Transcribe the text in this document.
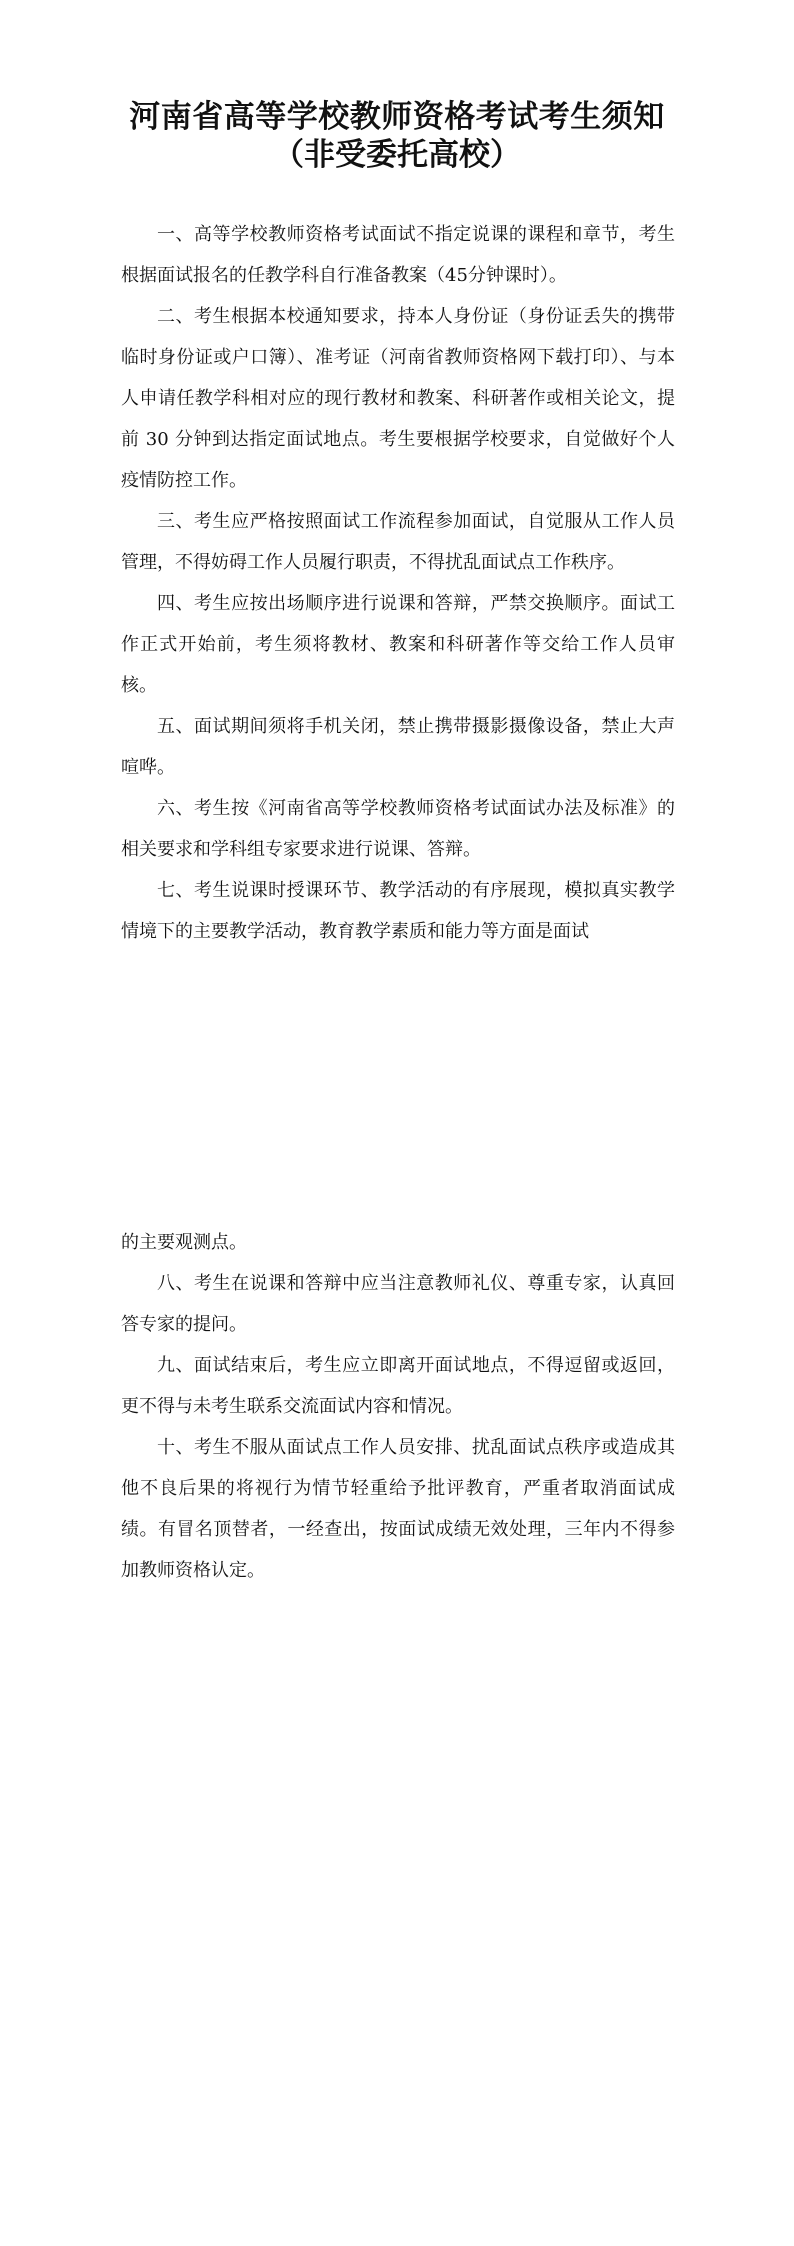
河南省高等学校教师资格考试考生须知
（非受委托高校）

一、高等学校教师资格考试面试不指定说课的课程和章节，考生根据面试报名的任教学科自行准备教案（45分钟课时）。

二、考生根据本校通知要求，持本人身份证（身份证丢失的携带临时身份证或户口簿）、准考证（河南省教师资格网下载打印）、与本人申请任教学科相对应的现行教材和教案、科研著作或相关论文，提前 30 分钟到达指定面试地点。考生要根据学校要求，自觉做好个人疫情防控工作。

三、考生应严格按照面试工作流程参加面试，自觉服从工作人员管理，不得妨碍工作人员履行职责，不得扰乱面试点工作秩序。

四、考生应按出场顺序进行说课和答辩，严禁交换顺序。面试工作正式开始前，考生须将教材、教案和科研著作等交给工作人员审核。

五、面试期间须将手机关闭，禁止携带摄影摄像设备，禁止大声喧哗。

六、考生按《河南省高等学校教师资格考试面试办法及标准》的相关要求和学科组专家要求进行说课、答辩。

七、考生说课时授课环节、教学活动的有序展现，模拟真实教学情境下的主要教学活动，教育教学素质和能力等方面是面试

的主要观测点。

八、考生在说课和答辩中应当注意教师礼仪、尊重专家，认真回答专家的提问。

九、面试结束后，考生应立即离开面试地点，不得逗留或返回，更不得与未考生联系交流面试内容和情况。

十、考生不服从面试点工作人员安排、扰乱面试点秩序或造成其他不良后果的将视行为情节轻重给予批评教育，严重者取消面试成绩。有冒名顶替者，一经查出，按面试成绩无效处理，三年内不得参加教师资格认定。
